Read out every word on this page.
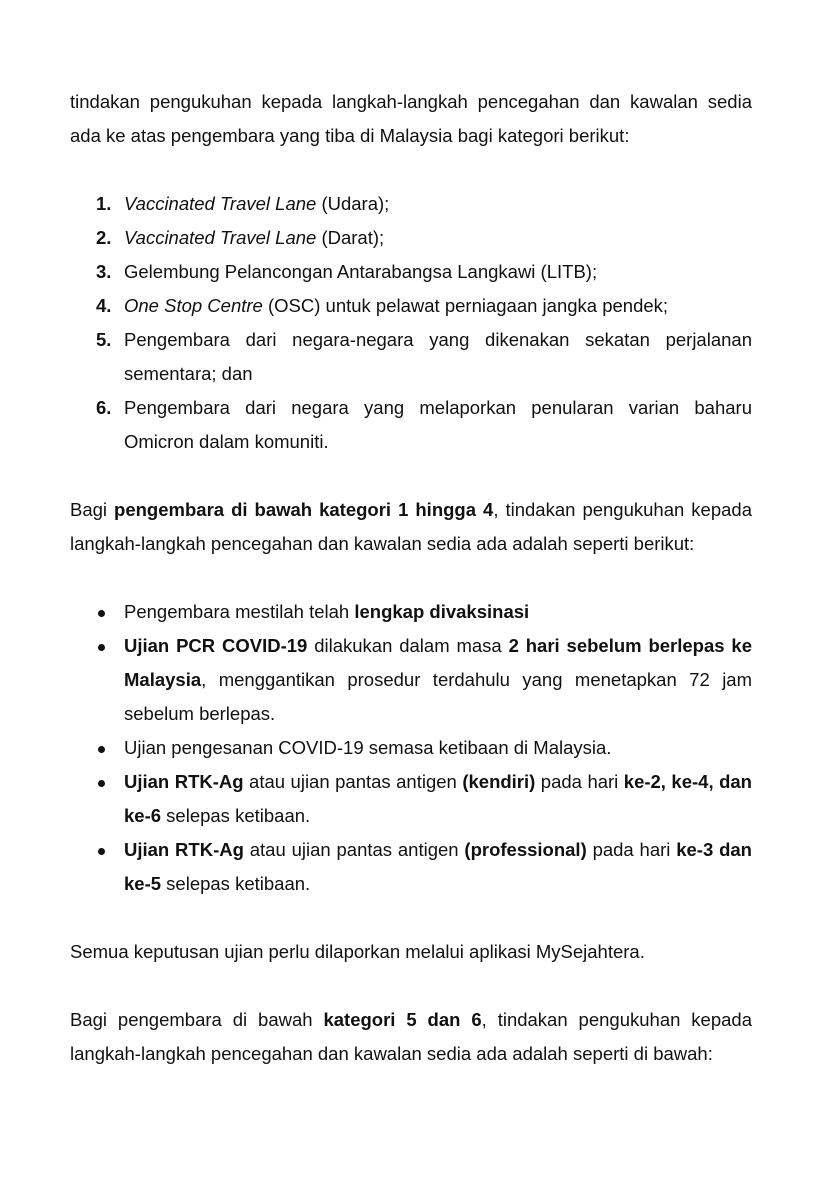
tindakan pengukuhan kepada langkah-langkah pencegahan dan kawalan sedia ada ke atas pengembara yang tiba di Malaysia bagi kategori berikut:

1. Vaccinated Travel Lane (Udara);
2. Vaccinated Travel Lane (Darat);
3. Gelembung Pelancongan Antarabangsa Langkawi (LITB);
4. One Stop Centre (OSC) untuk pelawat perniagaan jangka pendek;
5. Pengembara dari negara-negara yang dikenakan sekatan perjalanan sementara; dan
6. Pengembara dari negara yang melaporkan penularan varian baharu Omicron dalam komuniti.

Bagi pengembara di bawah kategori 1 hingga 4, tindakan pengukuhan kepada langkah-langkah pencegahan dan kawalan sedia ada adalah seperti berikut:

Pengembara mestilah telah lengkap divaksinasi
Ujian PCR COVID-19 dilakukan dalam masa 2 hari sebelum berlepas ke Malaysia, menggantikan prosedur terdahulu yang menetapkan 72 jam sebelum berlepas.
Ujian pengesanan COVID-19 semasa ketibaan di Malaysia.
Ujian RTK-Ag atau ujian pantas antigen (kendiri) pada hari ke-2, ke-4, dan ke-6 selepas ketibaan.
Ujian RTK-Ag atau ujian pantas antigen (professional) pada hari ke-3 dan ke-5 selepas ketibaan.

Semua keputusan ujian perlu dilaporkan melalui aplikasi MySejahtera.

Bagi pengembara di bawah kategori 5 dan 6, tindakan pengukuhan kepada langkah-langkah pencegahan dan kawalan sedia ada adalah seperti di bawah:
